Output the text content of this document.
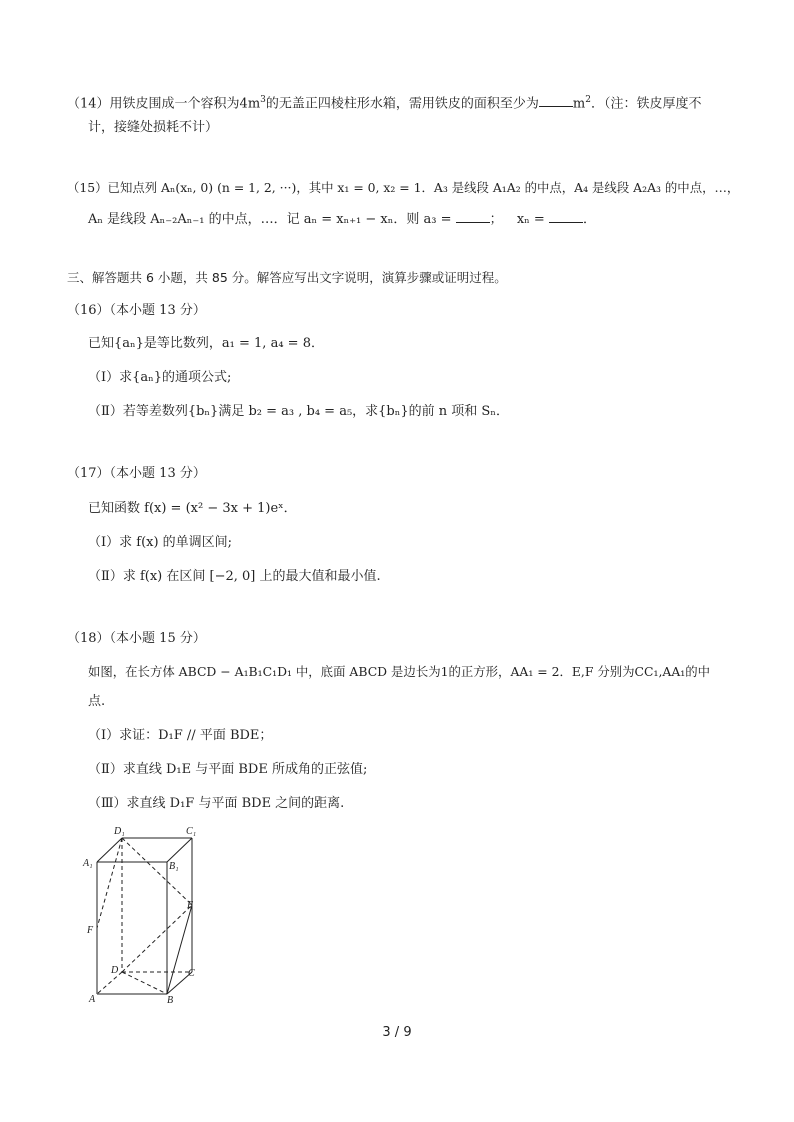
（14）用铁皮围成一个容积为$4m^3$的无盖正四棱柱形水箱，需用铁皮的面积至少为	$m^2$．（注：铁皮厚度不
计，接缝处损耗不计）
（15）已知点列 Aₙ(xₙ, 0) (n = 1, 2, ···)，其中 x₁ = 0, x₂ = 1．A₃ 是线段 A₁A₂ 的中点，A₄ 是线段 A₂A₃ 的中点，…，
Aₙ 是线段 Aₙ₋₂Aₙ₋₁ 的中点，…．记 aₙ = xₙ₊₁ − xₙ．则 a₃ =	； xₙ =	．
三、解答题共 6 小题，共 85 分。解答应写出文字说明，演算步骤或证明过程。
（16）（本小题 13 分）
已知{aₙ}是等比数列，a₁ = 1, a₄ = 8．
（Ⅰ）求{aₙ}的通项公式;
（Ⅱ）若等差数列{bₙ}满足 b₂ = a₃ , b₄ = a₅，求{bₙ}的前 n 项和 Sₙ．
（17）（本小题 13 分）
已知函数 f(x) = (x² − 3x + 1)eˣ．
（Ⅰ）求 f(x) 的单调区间;
（Ⅱ）求 f(x) 在区间 [−2, 0] 上的最大值和最小值.
（18）（本小题 15 分）
如图，在长方体 ABCD − A₁B₁C₁D₁ 中，底面 ABCD 是边长为1的正方形，AA₁ = 2．E,F 分别为CC₁,AA₁的中
点.
（Ⅰ）求证：D₁F // 平面 BDE；
（Ⅱ）求直线 D₁E 与平面 BDE 所成角的正弦值;
（Ⅲ）求直线 D₁F 与平面 BDE 之间的距离.
D₁	C₁
A₁	B₁
E
F
D	C
A	B
3 / 9
